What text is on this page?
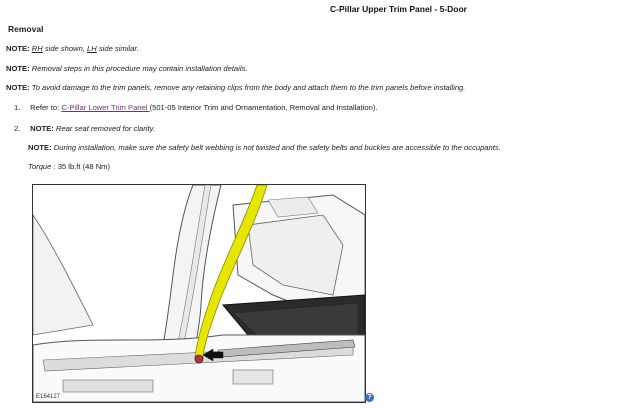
C-Pillar Upper Trim Panel - 5-Door
Removal
NOTE: RH side shown, LH side similar.
NOTE: Removal steps in this procedure may contain installation details.
NOTE: To avoid damage to the trim panels, remove any retaining clips from the body and attach them to the trim panels before installing.
1. Refer to: C-Pillar Lower Trim Panel (501-05 Interior Trim and Ornamentation, Removal and Installation).
2. NOTE: Rear seat removed for clarity.
NOTE: During installation, make sure the safety belt webbing is not twisted and the safety belts and buckles are accessible to the occupants.
Torque : 35 lb.ft (48 Nm)
E164127	?
